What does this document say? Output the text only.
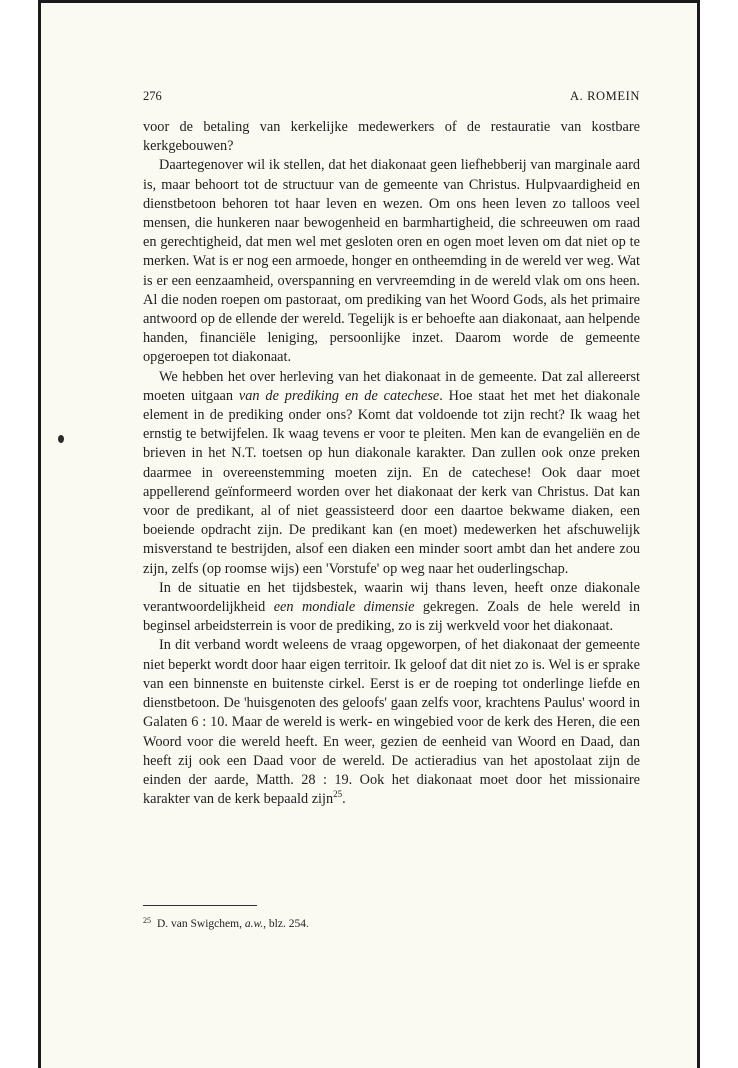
276	A. ROMEIN

voor de betaling van kerkelijke medewerkers of de restauratie van kostbare kerkgebouwen?

Daartegenover wil ik stellen, dat het diakonaat geen liefhebberij van marginale aard is, maar behoort tot de structuur van de gemeente van Christus. Hulpvaardigheid en dienstbetoon behoren tot haar leven en wezen. Om ons heen leven zo talloos veel mensen, die hunkeren naar bewogenheid en barmhartigheid, die schreeuwen om raad en gerechtigheid, dat men wel met gesloten oren en ogen moet leven om dat niet op te merken. Wat is er nog een armoede, honger en ontheemding in de wereld ver weg. Wat is er een eenzaamheid, overspanning en vervreemding in de wereld vlak om ons heen. Al die noden roepen om pastoraat, om prediking van het Woord Gods, als het primaire antwoord op de ellende der wereld. Tegelijk is er behoefte aan diakonaat, aan helpende handen, financiële leniging, persoonlijke inzet. Daarom worde de gemeente opgeroepen tot diakonaat.

We hebben het over herleving van het diakonaat in de gemeente. Dat zal allereerst moeten uitgaan van de prediking en de catechese. Hoe staat het met het diakonale element in de prediking onder ons? Komt dat voldoende tot zijn recht? Ik waag het ernstig te betwijfelen. Ik waag tevens er voor te pleiten. Men kan de evangeliën en de brieven in het N.T. toetsen op hun diakonale karakter. Dan zullen ook onze preken daarmee in overeenstemming moeten zijn. En de catechese! Ook daar moet appellerend geïnformeerd worden over het diakonaat der kerk van Christus. Dat kan voor de predikant, al of niet geassisteerd door een daartoe bekwame diaken, een boeiende opdracht zijn. De predikant kan (en moet) medewerken het afschuwelijk misverstand te bestrijden, alsof een diaken een minder soort ambt dan het andere zou zijn, zelfs (op roomse wijs) een 'Vorstufe' op weg naar het ouderlingschap.

In de situatie en het tijdsbestek, waarin wij thans leven, heeft onze diakonale verantwoordelijkheid een mondiale dimensie gekregen. Zoals de hele wereld in beginsel arbeidsterrein is voor de prediking, zo is zij werkveld voor het diakonaat.

In dit verband wordt weleens de vraag opgeworpen, of het diakonaat der gemeente niet beperkt wordt door haar eigen territoir. Ik geloof dat dit niet zo is. Wel is er sprake van een binnenste en buitenste cirkel. Eerst is er de roeping tot onderlinge liefde en dienstbetoon. De 'huisgenoten des geloofs' gaan zelfs voor, krachtens Paulus' woord in Galaten 6 : 10. Maar de wereld is werk- en wingebied voor de kerk des Heren, die een Woord voor die wereld heeft. En weer, gezien de eenheid van Woord en Daad, dan heeft zij ook een Daad voor de wereld. De actieradius van het apostolaat zijn de einden der aarde, Matth. 28 : 19. Ook het diakonaat moet door het missionaire karakter van de kerk bepaald zijn$^{25}$.

$^{25}$ D. van Swigchem, a.w., blz. 254.
